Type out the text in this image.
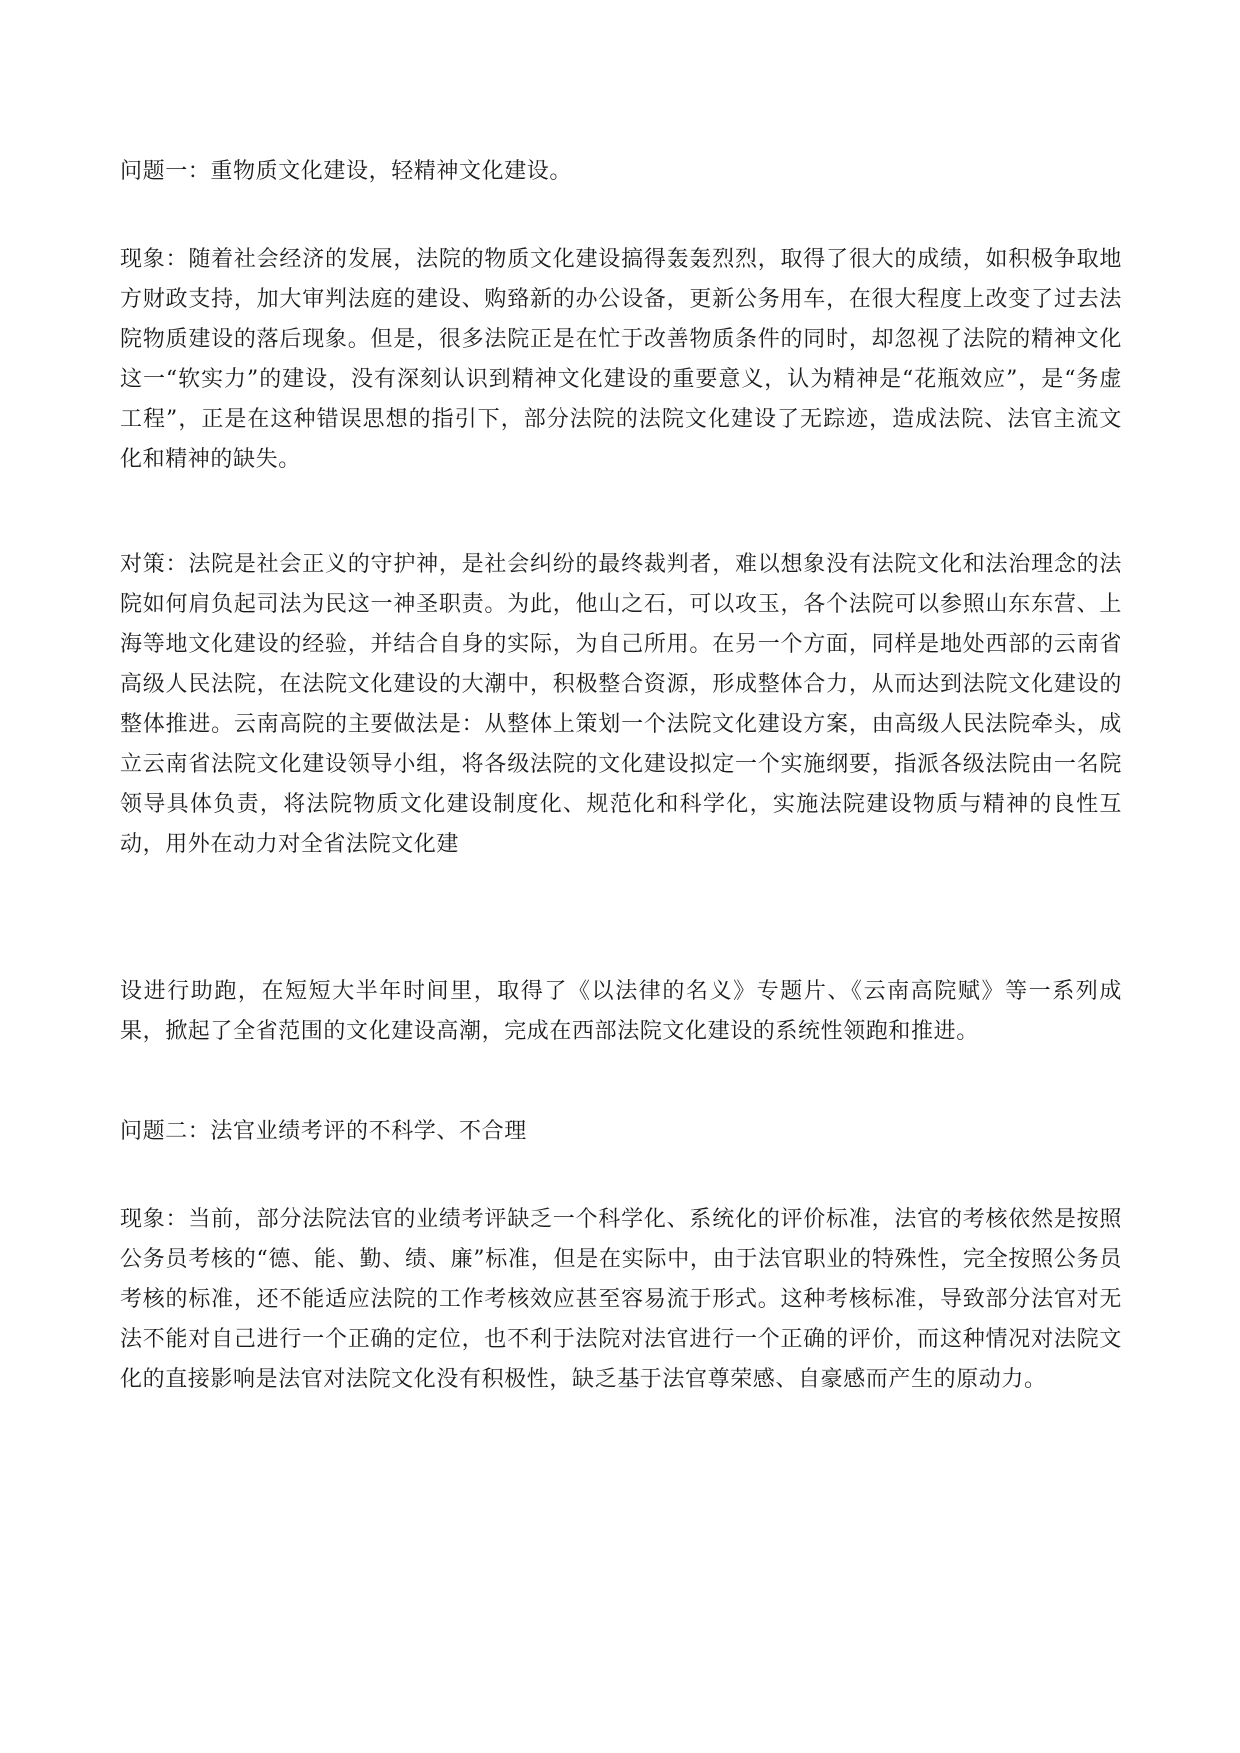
问题一：重物质文化建设，轻精神文化建设。

现象：随着社会经济的发展，法院的物质文化建设搞得轰轰烈烈，取得了很大的成绩，如积极争取地方财政支持，加大审判法庭的建设、购臵新的办公设备，更新公务用车，在很大程度上改变了过去法院物质建设的落后现象。但是，很多法院正是在忙于改善物质条件的同时，却忽视了法院的精神文化这一“软实力”的建设，没有深刻认识到精神文化建设的重要意义，认为精神是“花瓶效应”，是“务虚工程”，正是在这种错误思想的指引下，部分法院的法院文化建设了无踪迹，造成法院、法官主流文化和精神的缺失。

对策：法院是社会正义的守护神，是社会纠纷的最终裁判者，难以想象没有法院文化和法治理念的法院如何肩负起司法为民这一神圣职责。为此，他山之石，可以攻玉，各个法院可以参照山东东营、上海等地文化建设的经验，并结合自身的实际，为自己所用。在另一个方面，同样是地处西部的云南省高级人民法院，在法院文化建设的大潮中，积极整合资源，形成整体合力，从而达到法院文化建设的整体推进。云南高院的主要做法是：从整体上策划一个法院文化建设方案，由高级人民法院牵头，成立云南省法院文化建设领导小组，将各级法院的文化建设拟定一个实施纲要，指派各级法院由一名院领导具体负责，将法院物质文化建设制度化、规范化和科学化，实施法院建设物质与精神的良性互动，用外在动力对全省法院文化建

设进行助跑，在短短大半年时间里，取得了《以法律的名义》专题片、《云南高院赋》等一系列成果，掀起了全省范围的文化建设高潮，完成在西部法院文化建设的系统性领跑和推进。

问题二：法官业绩考评的不科学、不合理

现象：当前，部分法院法官的业绩考评缺乏一个科学化、系统化的评价标准，法官的考核依然是按照公务员考核的“德、能、勤、绩、廉”标准，但是在实际中，由于法官职业的特殊性，完全按照公务员考核的标准，还不能适应法院的工作考核效应甚至容易流于形式。这种考核标准，导致部分法官对无法不能对自己进行一个正确的定位，也不利于法院对法官进行一个正确的评价，而这种情况对法院文化的直接影响是法官对法院文化没有积极性，缺乏基于法官尊荣感、自豪感而产生的原动力。
